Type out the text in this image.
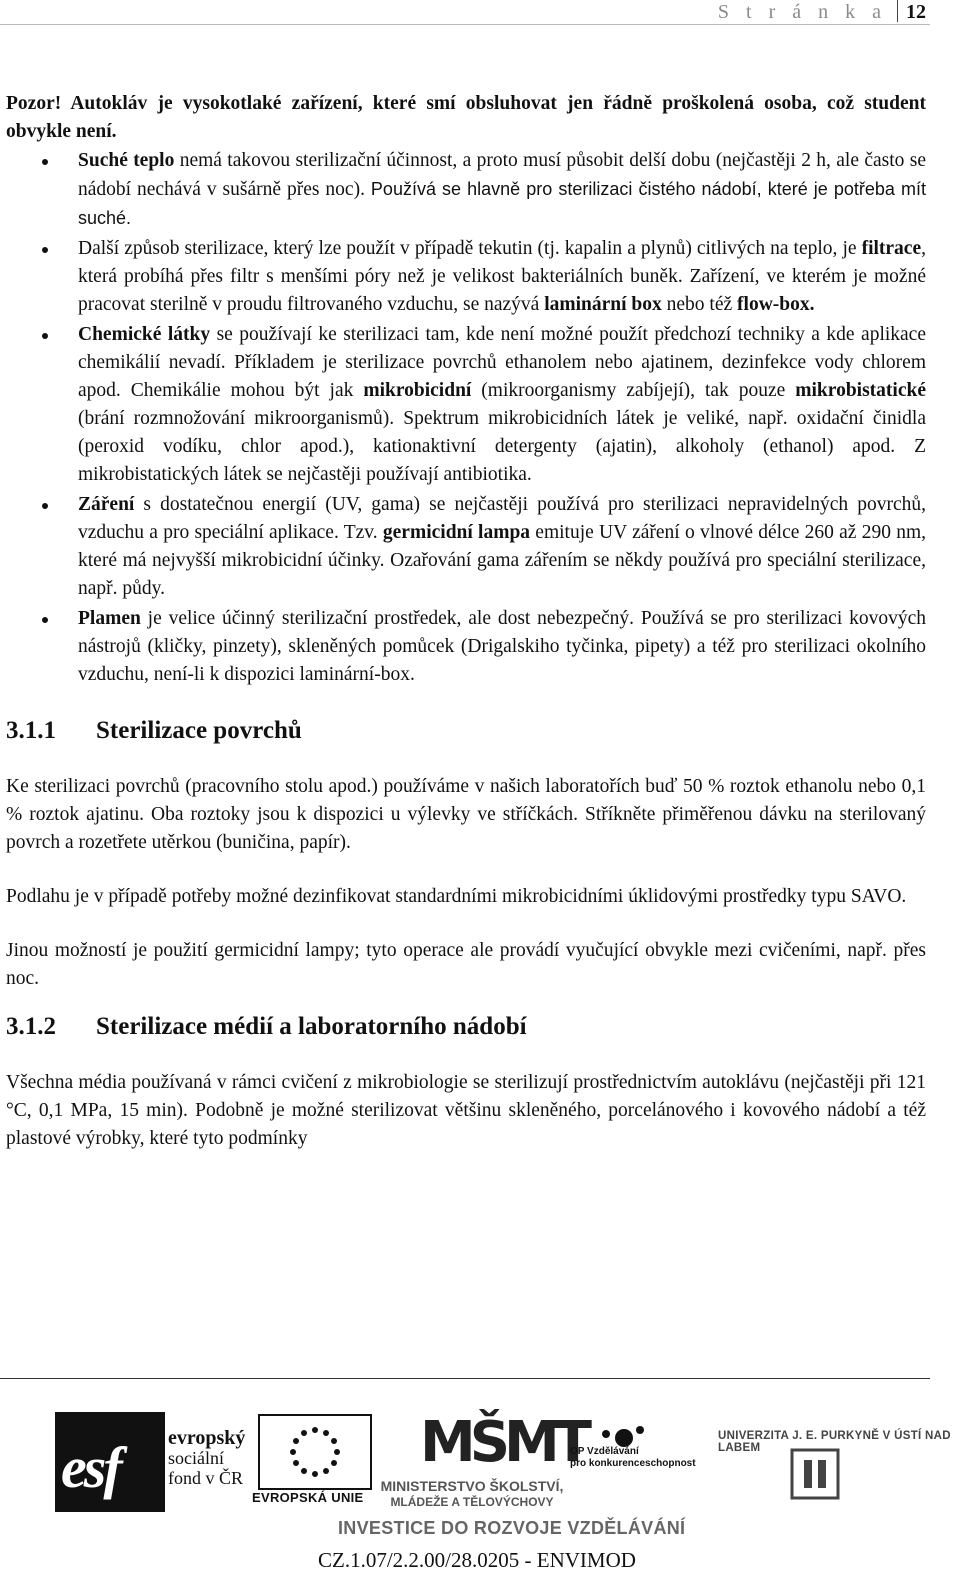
S t r á n k a 12

Pozor! Autokláv je vysokotlaké zařízení, které smí obsluhovat jen řádně proškolená osoba, což student obvykle není.

Suché teplo nemá takovou sterilizační účinnost, a proto musí působit delší dobu (nejčastěji 2 h, ale často se nádobí nechává v sušárně přes noc). Používá se hlavně pro sterilizaci čistého nádobí, které je potřeba mít suché.
Další způsob sterilizace, který lze použít v případě tekutin (tj. kapalin a plynů) citlivých na teplo, je filtrace, která probíhá přes filtr s menšími póry než je velikost bakteriálních buněk. Zařízení, ve kterém je možné pracovat sterilně v proudu filtrovaného vzduchu, se nazývá laminární box nebo též flow-box.
Chemické látky se používají ke sterilizaci tam, kde není možné použít předchozí techniky a kde aplikace chemikálií nevadí. Příkladem je sterilizace povrchů ethanolem nebo ajatinem, dezinfekce vody chlorem apod. Chemikálie mohou být jak mikrobicidní (mikroorganismy zabíjejí), tak pouze mikrobistatické (brání rozmnožování mikroorganismů). Spektrum mikrobicidních látek je veliké, např. oxidační činidla (peroxid vodíku, chlor apod.), kationaktivní detergenty (ajatin), alkoholy (ethanol) apod. Z mikrobistatických látek se nejčastěji používají antibiotika.
Záření s dostatečnou energií (UV, gama) se nejčastěji používá pro sterilizaci nepravidelných povrchů, vzduchu a pro speciální aplikace. Tzv. germicidní lampa emituje UV záření o vlnové délce 260 až 290 nm, které má nejvyšší mikrobicidní účinky. Ozařování gama zářením se někdy používá pro speciální sterilizace, např. půdy.
Plamen je velice účinný sterilizační prostředek, ale dost nebezpečný. Používá se pro sterilizaci kovových nástrojů (kličky, pinzety), skleněných pomůcek (Drigalskiho tyčinka, pipety) a též pro sterilizaci okolního vzduchu, není-li k dispozici laminární-box.
3.1.1 Sterilizace povrchů

Ke sterilizaci povrchů (pracovního stolu apod.) používáme v našich laboratořích buď 50 % roztok ethanolu nebo 0,1 % roztok ajatinu. Oba roztoky jsou k dispozici u výlevky ve stříčkách. Stříkněte přiměřenou dávku na sterilovaný povrch a rozetřete utěrkou (buničina, papír).

Podlahu je v případě potřeby možné dezinfikovat standardními mikrobicidními úklidovými prostředky typu SAVO.

Jinou možností je použití germicidní lampy; tyto operace ale provádí vyučující obvykle mezi cvičeními, např. přes noc.

3.1.2 Sterilizace médií a laboratorního nádobí

Všechna média používaná v rámci cvičení z mikrobiologie se sterilizují prostřednictvím autoklávu (nejčastěji při 121 °C, 0,1 MPa, 15 min). Podobně je možné sterilizovat většinu skleněného, porcelánového i kovového nádobí a též plastové výrobky, které tyto podmínky

esf evropský
sociální
fond v ČR
EVROPSKÁ UNIE
MŠMT
MINISTERSTVO ŠKOLSTVÍ,
MLÁDEŽE A TĚLOVÝCHOVY
OP Vzdělávání
pro konkurenceschopnost
UNIVERZITA J. E. PURKYNĚ V ÚSTÍ NAD LABEM
INVESTICE DO ROZVOJE VZDĚLÁVÁNÍ
CZ.1.07/2.2.00/28.0205 - ENVIMOD
